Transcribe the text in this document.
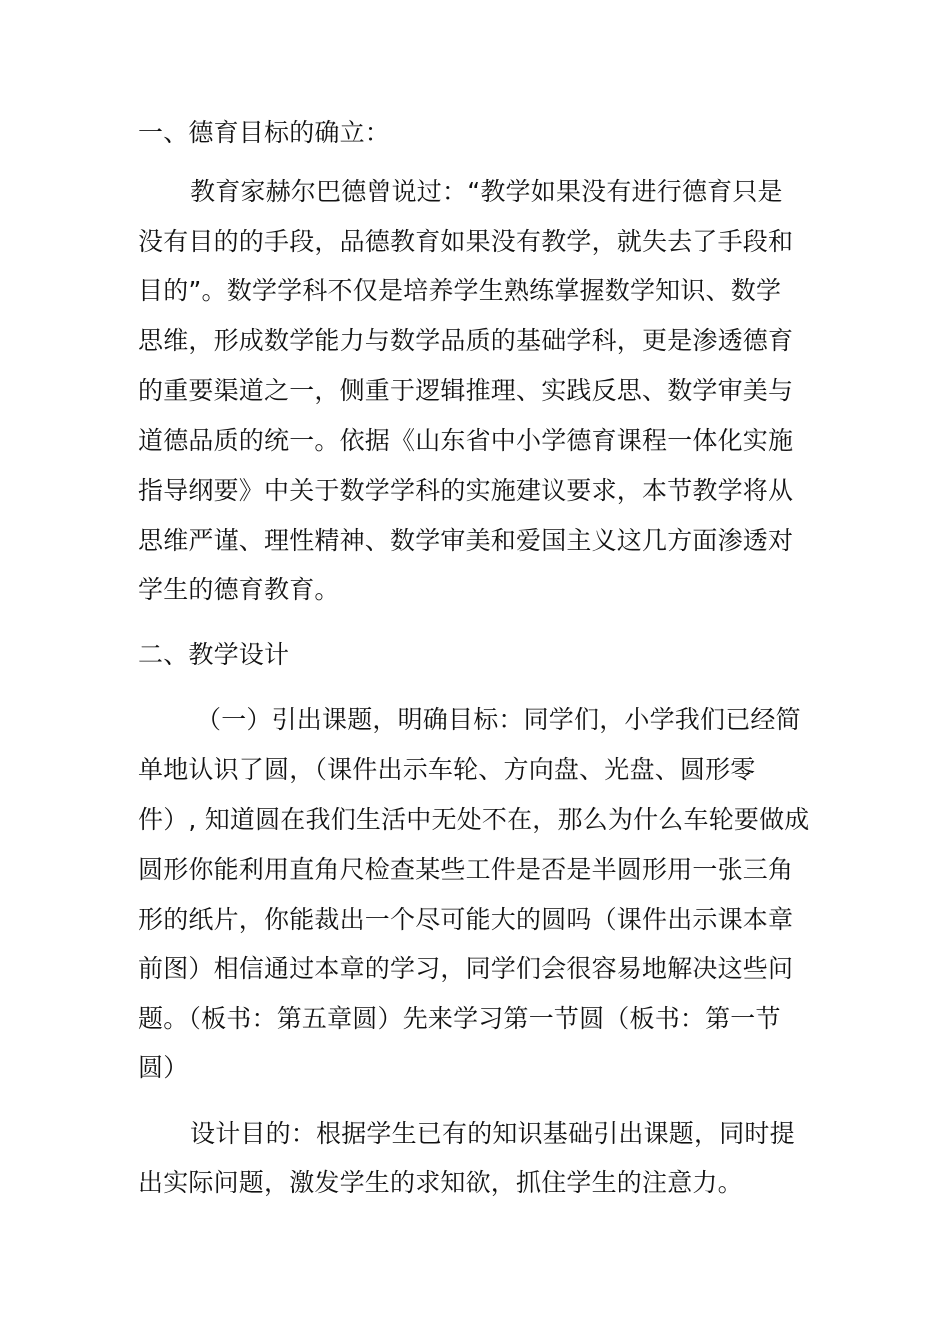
一、德育目标的确立：
教育家赫尔巴德曾说过：“教学如果没有进行德育只是
没有目的的手段，品德教育如果没有教学，就失去了手段和
目的”。数学学科不仅是培养学生熟练掌握数学知识、数学
思维，形成数学能力与数学品质的基础学科，更是渗透德育
的重要渠道之一，侧重于逻辑推理、实践反思、数学审美与
道德品质的统一。依据《山东省中小学德育课程一体化实施
指导纲要》中关于数学学科的实施建议要求，本节教学将从
思维严谨、理性精神、数学审美和爱国主义这几方面渗透对
学生的德育教育。
二、教学设计
（一）引出课题，明确目标：同学们，小学我们已经简
单地认识了圆，（课件出示车轮、方向盘、光盘、圆形零
件）, 知道圆在我们生活中无处不在，那么为什么车轮要做成
圆形你能利用直角尺检查某些工件是否是半圆形用一张三角
形的纸片，你能裁出一个尽可能大的圆吗（课件出示课本章
前图）相信通过本章的学习，同学们会很容易地解决这些问
题。（板书：第五章圆）先来学习第一节圆（板书：第一节
圆）
设计目的：根据学生已有的知识基础引出课题，同时提
出实际问题，激发学生的求知欲，抓住学生的注意力。
